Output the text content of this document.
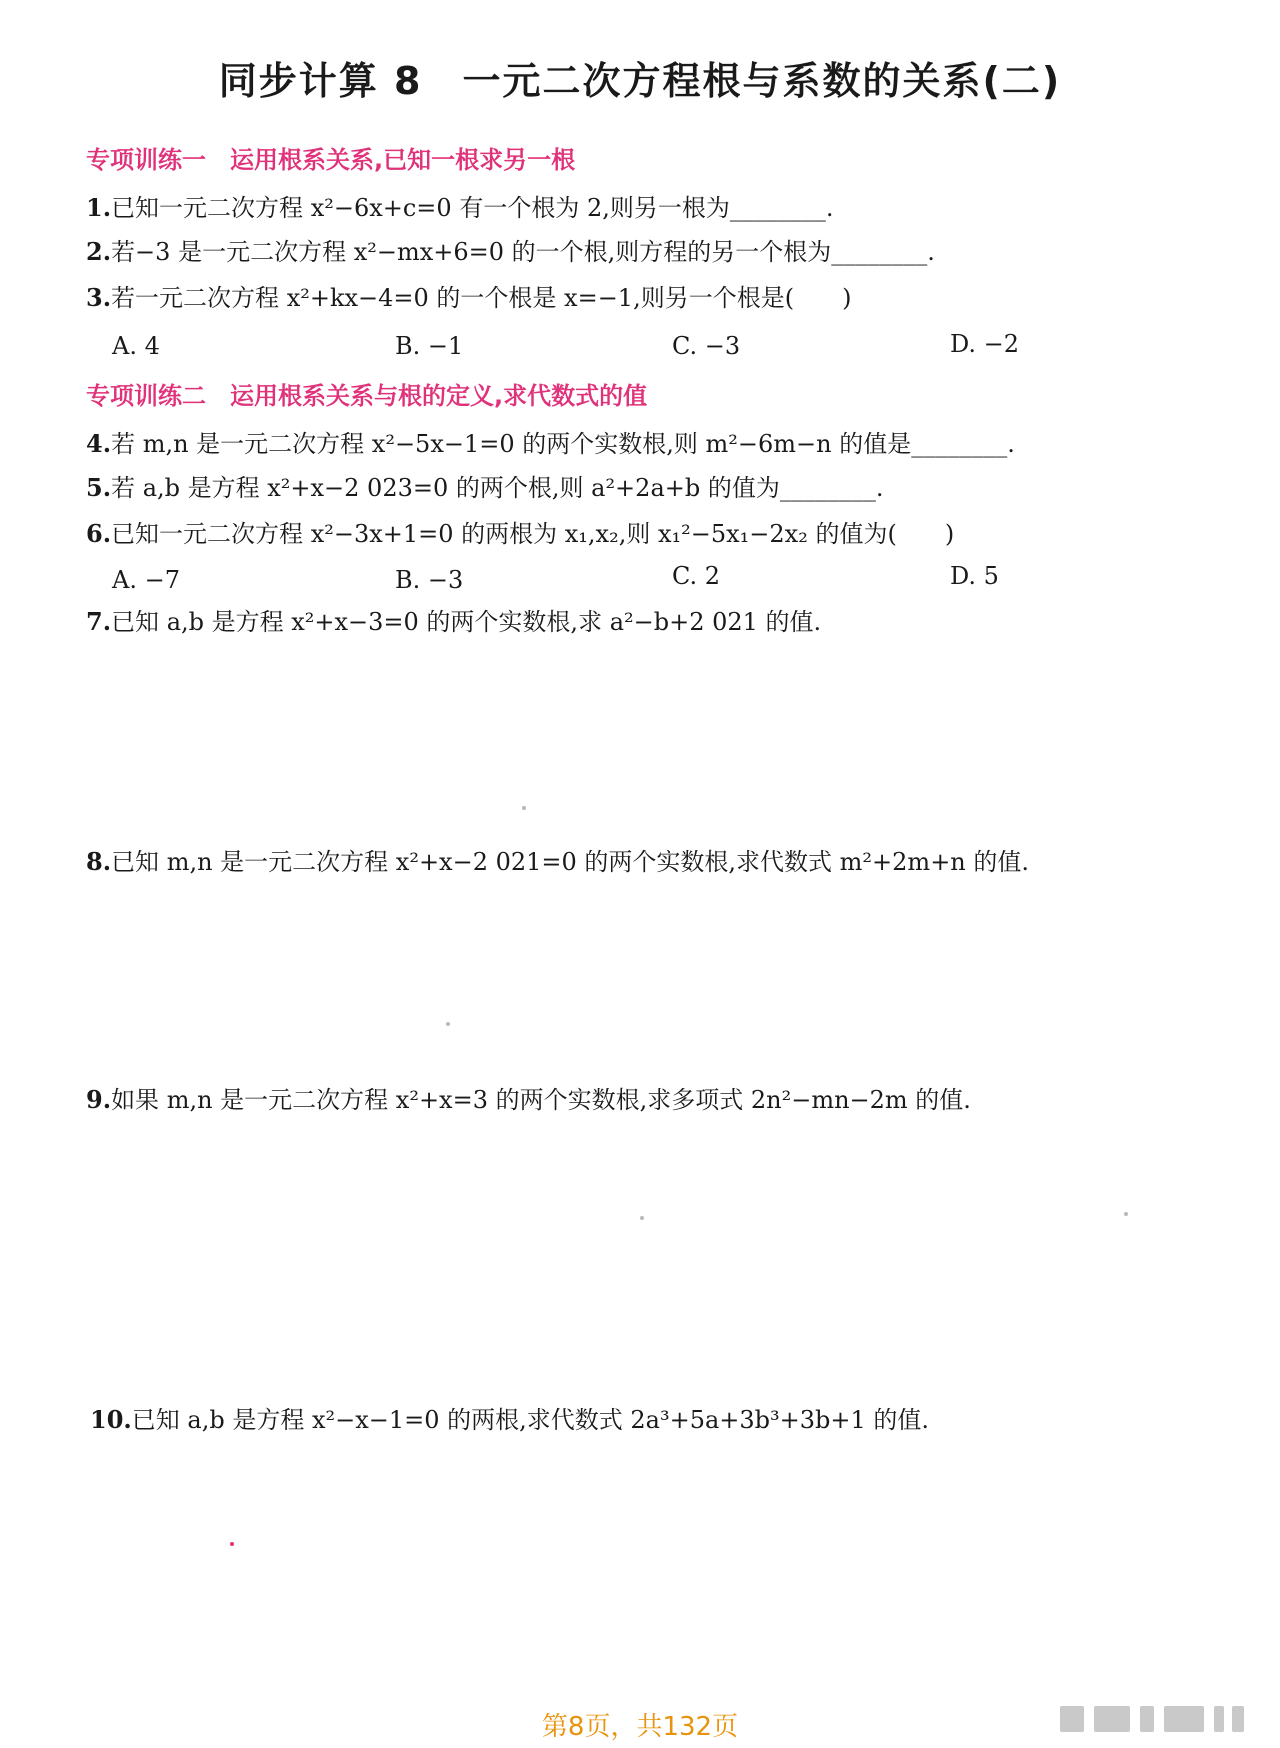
同步计算 8　一元二次方程根与系数的关系(二)
专项训练一　运用根系关系,已知一根求另一根
1.已知一元二次方程 x²−6x+c=0 有一个根为 2,则另一根为________.
2.若−3 是一元二次方程 x²−mx+6=0 的一个根,则方程的另一个根为________.
3.若一元二次方程 x²+kx−4=0 的一个根是 x=−1,则另一个根是(　　)
A. 4	B. −1	C. −3	D. −2
专项训练二　运用根系关系与根的定义,求代数式的值
4.若 m,n 是一元二次方程 x²−5x−1=0 的两个实数根,则 m²−6m−n 的值是________.
5.若 a,b 是方程 x²+x−2 023=0 的两个根,则 a²+2a+b 的值为________.
6.已知一元二次方程 x²−3x+1=0 的两根为 x₁,x₂,则 x₁²−5x₁−2x₂ 的值为(　　)
A. −7	B. −3	C. 2	D. 5
7.已知 a,b 是方程 x²+x−3=0 的两个实数根,求 a²−b+2 021 的值.
8.已知 m,n 是一元二次方程 x²+x−2 021=0 的两个实数根,求代数式 m²+2m+n 的值.
9.如果 m,n 是一元二次方程 x²+x=3 的两个实数根,求多项式 2n²−mn−2m 的值.
10.已知 a,b 是方程 x²−x−1=0 的两根,求代数式 2a³+5a+3b³+3b+1 的值.
第8页，共132页
